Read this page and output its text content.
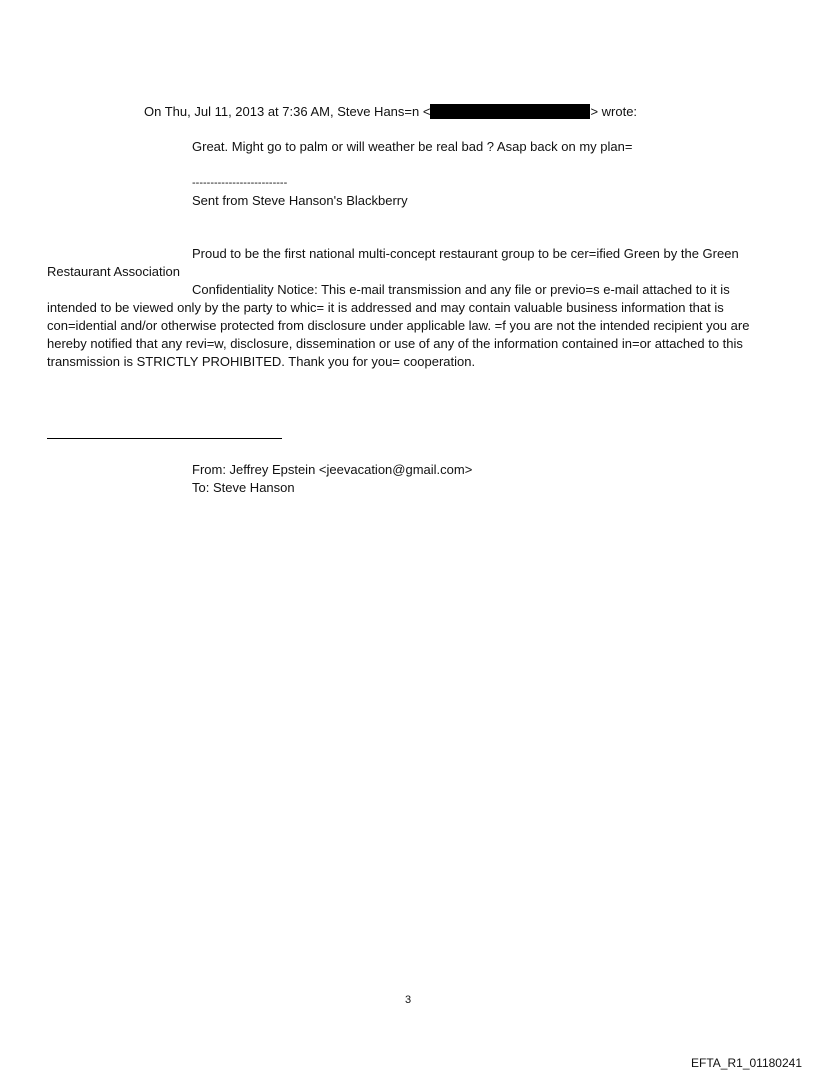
On Thu, Jul 11, 2013 at 7:36 AM, Steve Hans=n <	> wrote:
Great. Might go to palm or will weather be real bad ? Asap back on my plan=
--------------------------
Sent from Steve Hanson's Blackberry
Proud to be the first national multi-concept restaurant group to be cer=ified Green by the Green
Restaurant Association
Confidentiality Notice: This e-mail transmission and any file or previo=s e-mail attached to it is
intended to be viewed only by the party to whic= it is addressed and may contain valuable business information that is con=idential and/or otherwise protected from disclosure under applicable law. =f you are not the intended recipient you are hereby notified that any revi=w, disclosure, dissemination or use of any of the information contained in=or attached to this transmission is STRICTLY PROHIBITED. Thank you for you= cooperation.
From: Jeffrey Epstein <jeevacation@gmail.com>
To: Steve Hanson
3
EFTA_R1_01180241
